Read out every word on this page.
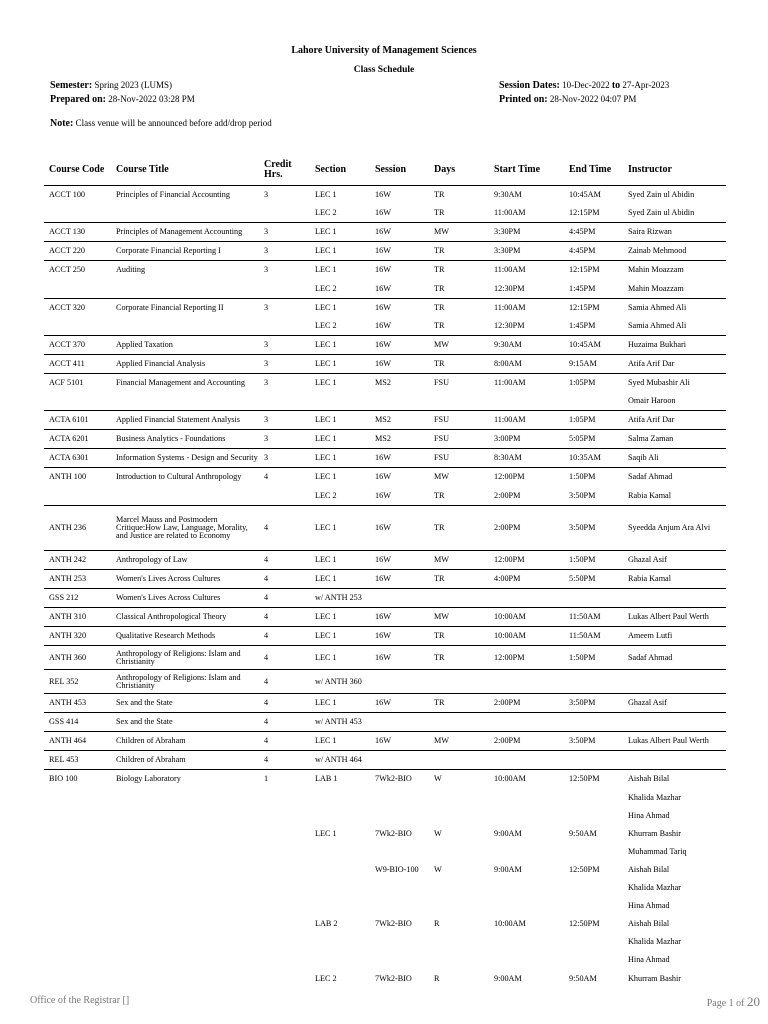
Lahore University of Management Sciences
Class Schedule
Semester: Spring 2023 (LUMS)
Prepared on: 28-Nov-2022 03:28 PM
Session Dates: 10-Dec-2022 to 27-Apr-2023
Printed on: 28-Nov-2022 04:07 PM
Note: Class venue will be announced before add/drop period
Course Code	Course Title	Credit Hrs.	Section	Session	Days	Start Time	End Time	Instructor
ACCT 100	Principles of Financial Accounting	3	LEC 1	16W	TR	9:30AM	10:45AM	Syed Zain ul Abidin
			LEC 2	16W	TR	11:00AM	12:15PM	Syed Zain ul Abidin
ACCT 130	Principles of Management Accounting	3	LEC 1	16W	MW	3:30PM	4:45PM	Saira Rizwan
ACCT 220	Corporate Financial Reporting I	3	LEC 1	16W	TR	3:30PM	4:45PM	Zainab Mehmood
ACCT 250	Auditing	3	LEC 1	16W	TR	11:00AM	12:15PM	Mahin Moazzam
			LEC 2	16W	TR	12:30PM	1:45PM	Mahin Moazzam
ACCT 320	Corporate Financial Reporting II	3	LEC 1	16W	TR	11:00AM	12:15PM	Samia Ahmed Ali
			LEC 2	16W	TR	12:30PM	1:45PM	Samia Ahmed Ali
ACCT 370	Applied Taxation	3	LEC 1	16W	MW	9:30AM	10:45AM	Huzaima Bukhari
ACCT 411	Applied Financial Analysis	3	LEC 1	16W	TR	8:00AM	9:15AM	Atifa Arif Dar
ACF 5101	Financial Management and Accounting	3	LEC 1	MS2	FSU	11:00AM	1:05PM	Syed Mubashir Ali
								Omair Haroon
ACTA 6101	Applied Financial Statement Analysis	3	LEC 1	MS2	FSU	11:00AM	1:05PM	Atifa Arif Dar
ACTA 6201	Business Analytics - Foundations	3	LEC 1	MS2	FSU	3:00PM	5:05PM	Salma Zaman
ACTA 6301	Information Systems - Design and Security	3	LEC 1	16W	FSU	8:30AM	10:35AM	Saqib Ali
ANTH 100	Introduction to Cultural Anthropology	4	LEC 1	16W	MW	12:00PM	1:50PM	Sadaf Ahmad
			LEC 2	16W	TR	2:00PM	3:50PM	Rabia Kamal
ANTH 236	Marcel Mauss and Postmodern Critique:How Law, Language, Morality, and Justice are related to Economy	4	LEC 1	16W	TR	2:00PM	3:50PM	Syeedda Anjum Ara Alvi
ANTH 242	Anthropology of Law	4	LEC 1	16W	MW	12:00PM	1:50PM	Ghazal Asif
ANTH 253	Women's Lives Across Cultures	4	LEC 1	16W	TR	4:00PM	5:50PM	Rabia Kamal
GSS 212	Women's Lives Across Cultures	4	w/ ANTH 253					
ANTH 310	Classical Anthropological Theory	4	LEC 1	16W	MW	10:00AM	11:50AM	Lukas Albert Paul Werth
ANTH 320	Qualitative Research Methods	4	LEC 1	16W	TR	10:00AM	11:50AM	Ameem Lutfi
ANTH 360	Anthropology of Religions: Islam and Christianity	4	LEC 1	16W	TR	12:00PM	1:50PM	Sadaf Ahmad
REL 352	Anthropology of Religions: Islam and Christianity	4	w/ ANTH 360					
ANTH 453	Sex and the State	4	LEC 1	16W	TR	2:00PM	3:50PM	Ghazal Asif
GSS 414	Sex and the State	4	w/ ANTH 453					
ANTH 464	Children of Abraham	4	LEC 1	16W	MW	2:00PM	3:50PM	Lukas Albert Paul Werth
REL 453	Children of Abraham	4	w/ ANTH 464					
BIO 100	Biology Laboratory	1	LAB 1	7Wk2-BIO	W	10:00AM	12:50PM	Aishah Bilal
								Khalida Mazhar
								Hina Ahmad
			LEC 1	7Wk2-BIO	W	9:00AM	9:50AM	Khurram Bashir
								Muhammad Tariq
				W9-BIO-100	W	9:00AM	12:50PM	Aishah Bilal
								Khalida Mazhar
								Hina Ahmad
			LAB 2	7Wk2-BIO	R	10:00AM	12:50PM	Aishah Bilal
								Khalida Mazhar
								Hina Ahmad
			LEC 2	7Wk2-BIO	R	9:00AM	9:50AM	Khurram Bashir
Office of the Registrar []	Page 1 of 20
